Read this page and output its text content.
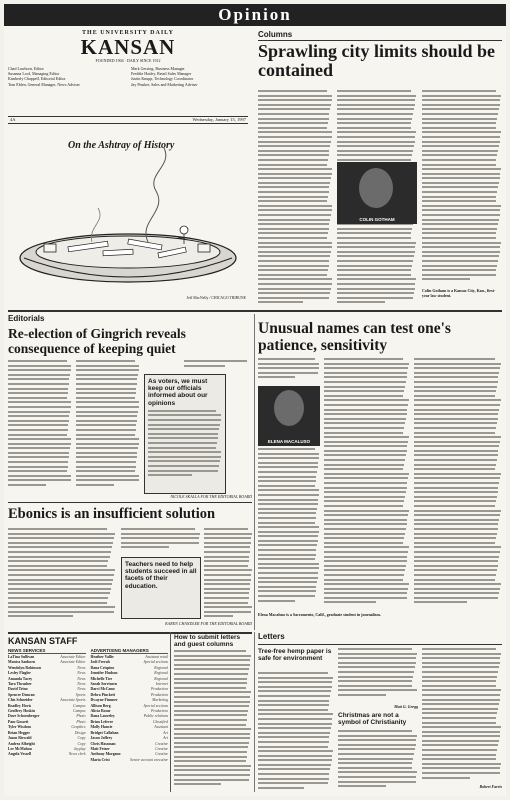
Opinion
THE UNIVERSITY DAILY
KANSAN
FOUNDED 1904 · DAILY SINCE 1912
Chad Lawhorn, Editor
Susanna Loof, Managing Editor
Kimberly Chappell, Editorial Editor
Tom Eblen, General Manager, News Adviser
Mark Gersing, Business Manager
Freddie Hasley, Retail Sales Manager
Justin Knupp, Technology Coordinator
Jay Pinsker, Sales and Marketing Adviser
4A	Wednesday, January 15, 1997
On the Ashtray of History
Jeff MacNelly / CHICAGO TRIBUNE
Columns
Sprawling city limits should be contained
COLIN GOTHAM
Colin Gotham is a Kansas City, Kan., first-year law student.
Editorials
Re-election of Gingrich reveals consequence of keeping quiet
As voters, we must keep our officials informed about our opinions
NICOLE SKALLA FOR THE EDITORIAL BOARD
Ebonics is an insufficient solution
Teachers need to help students succeed in all facets of their education.
KAREN CHANDLER FOR THE EDITORIAL BOARD
Unusual names can test one's patience, sensitivity
ELENA MACALUSO
Elena Macaluso is a Sacramento, Calif., graduate student in journalism.
KANSAN STAFF
NEWS SERVICES
LaTina Sullivan	Associate Editor
Monica Sanborn	Associate Editor
Wendolyn Robinson	News
Lesley Flagler	News
Amanda Tacey	News
Tara Thrasher	News
David Trino	News
Spencer Duncan	Sports
Chis Schneider	Associate Sports
Bradley Hovis	Campus
Geoffrey Hoskin	Campus
Dave Schoenberger	Photo
Pam Gossett	Photo
Tyler Wisdom	Graphics
Brian Hegger	Design
Jason Riewald	Copy
Andrea Albright	Copy
Lee McMahon	Jayplay
Angela Vessell	News clerk
ADVERTISING MANAGERS
Heather Vallie	Assistant retail
Jodi Ferrah	Special sections
Dana Crispino	Regional
Jennifer Hudson	Regional
Michelle Tice	Regional
Sarah Sorrinsen	Internet
Darci McCann	Production
Debra Pinckett	Production
Dwayne Fimmer	Marketing
Allison Berg	Special sections
Alicia Rome	Production
Dana Lauveley	Public relations
Brian Lefevre	Classified
Molly Hancie	Assistant
Bridget Callahan	Art
Jason Joffrey	Art
Chris Hassman	Creative
Matt Fetzer	Creative
Anthony Morgano	Creative
Maria Crist	Senior account executive
How to submit letters and guest columns
Letters
Tree-free hemp paper is safe for environment
Matt G. Gregg
Christmas are not a symbol of Christianity
Robert Farris
